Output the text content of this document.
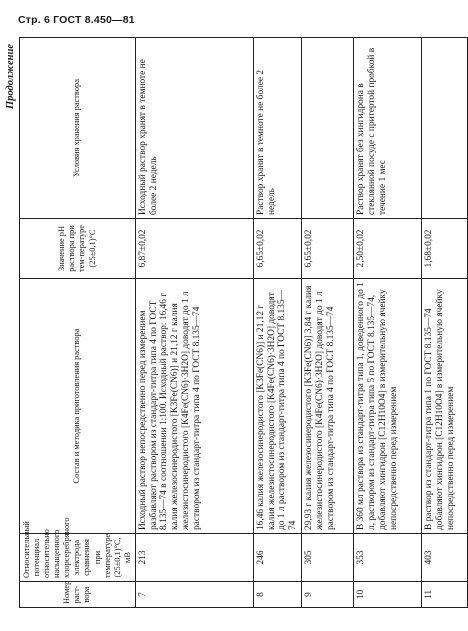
Стр. 6 ГОСТ 8.450—81
Продолжение
Номер раст-вора	Относительный потенциал относительно насыщенного хлорсеребряного электрода сравнения при температуре (25±0,1)°C, мВ	Состав и методика приготовления раствора	Значение pH раствора при тем-пературе (25±0,1)°C	Условия хранения раствора
7	213	Исходный раствор непосредственно перед измерением разбавляют раствором из стандарт-титра типа 4 по ГОСТ 8.135—74 в соотношении 1:100. Исходный раствор: 16,46 г калия железосинеродистого [K3Fe(CN6)] и 21,12 г калия железистосинеродистого [K4Fe(CN6)·3H2O] доводят до 1 л раствором из стандарт-титра типа 4 по ГОСТ 8.135—74	6,87±0,02	Исходный раствор хранят в темноте не более 2 недель
8	246	16,46 калия железосинеродистого [K3Fe(CN6)] и 21,12 г калия железистосинеродистого [K4Fe(CN6)·3H2O] доводят до 1 л раствором из стандарт-титра типа 4 по ГОСТ 8.135—74	6,65±0,02	Раствор хранят в темноте не более 2 недель
9	305	29,93 г калия железосинеродистого [K3Fe(CN6)] 3,84 г калия железистосинеродистого [K4Fe(CN6)·3H2O] доводят до 1 л раствором из стандарт-титра типа 4 по ГОСТ 8.135—74	6,65±0,02	
10	353	В 360 мл раствора из стандарт-титра типа 1, доведенного до 1 л, раствором из стандарт-титра типа 5 по ГОСТ 8.135—74, добавляют хингидрон [C12H10O4] в измерительную ячейку непосредственно перед измерением	2,50±0,02	Раствор хранят без хингидрона в стеклянной посуде с притертой пробкой в течение 1 мес
11	403	В раствор из стандарт-титра типа 1 по ГОСТ 8.135—74 добавляют хингидрон [C12H10O4] в измерительную ячейку непосредственно перед измерением	1,68±0,02	
